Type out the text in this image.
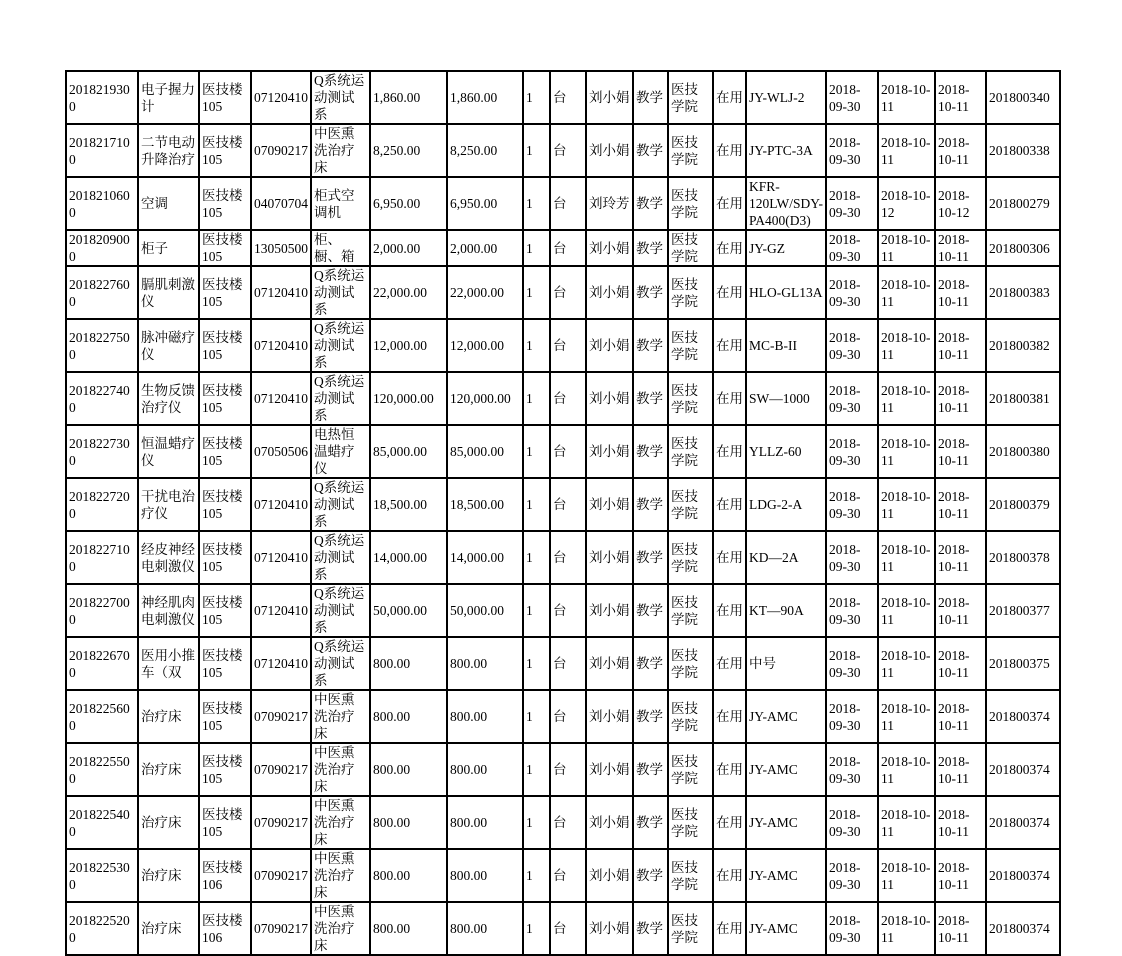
2018219300	电子握力计	医技楼105	07120410	Q系统运动测试系	1,860.00	1,860.00	1	台	刘小娟	教学	医技学院	在用	JY-WLJ-2	2018-09-30	2018-10-11	2018-10-11	201800340
2018217100	二节电动升降治疗	医技楼105	07090217	中医熏洗治疗床	8,250.00	8,250.00	1	台	刘小娟	教学	医技学院	在用	JY-PTC-3A	2018-09-30	2018-10-11	2018-10-11	201800338
2018210600	空调	医技楼105	04070704	柜式空调机	6,950.00	6,950.00	1	台	刘玲芳	教学	医技学院	在用	KFR-120LW/SDY-PA400(D3)	2018-09-30	2018-10-12	2018-10-12	201800279
2018209000	柜子	医技楼105	13050500	柜、橱、箱	2,000.00	2,000.00	1	台	刘小娟	教学	医技学院	在用	JY-GZ	2018-09-30	2018-10-11	2018-10-11	201800306
2018227600	膈肌刺激仪	医技楼105	07120410	Q系统运动测试系	22,000.00	22,000.00	1	台	刘小娟	教学	医技学院	在用	HLO-GL13A	2018-09-30	2018-10-11	2018-10-11	201800383
2018227500	脉冲磁疗仪	医技楼105	07120410	Q系统运动测试系	12,000.00	12,000.00	1	台	刘小娟	教学	医技学院	在用	MC-B-II	2018-09-30	2018-10-11	2018-10-11	201800382
2018227400	生物反馈治疗仪	医技楼105	07120410	Q系统运动测试系	120,000.00	120,000.00	1	台	刘小娟	教学	医技学院	在用	SW—1000	2018-09-30	2018-10-11	2018-10-11	201800381
2018227300	恒温蜡疗仪	医技楼105	07050506	电热恒温蜡疗仪	85,000.00	85,000.00	1	台	刘小娟	教学	医技学院	在用	YLLZ-60	2018-09-30	2018-10-11	2018-10-11	201800380
2018227200	干扰电治疗仪	医技楼105	07120410	Q系统运动测试系	18,500.00	18,500.00	1	台	刘小娟	教学	医技学院	在用	LDG-2-A	2018-09-30	2018-10-11	2018-10-11	201800379
2018227100	经皮神经电刺激仪	医技楼105	07120410	Q系统运动测试系	14,000.00	14,000.00	1	台	刘小娟	教学	医技学院	在用	KD—2A	2018-09-30	2018-10-11	2018-10-11	201800378
2018227000	神经肌肉电刺激仪	医技楼105	07120410	Q系统运动测试系	50,000.00	50,000.00	1	台	刘小娟	教学	医技学院	在用	KT—90A	2018-09-30	2018-10-11	2018-10-11	201800377
2018226700	医用小推车（双	医技楼105	07120410	Q系统运动测试系	800.00	800.00	1	台	刘小娟	教学	医技学院	在用	中号	2018-09-30	2018-10-11	2018-10-11	201800375
2018225600	治疗床	医技楼105	07090217	中医熏洗治疗床	800.00	800.00	1	台	刘小娟	教学	医技学院	在用	JY-AMC	2018-09-30	2018-10-11	2018-10-11	201800374
2018225500	治疗床	医技楼105	07090217	中医熏洗治疗床	800.00	800.00	1	台	刘小娟	教学	医技学院	在用	JY-AMC	2018-09-30	2018-10-11	2018-10-11	201800374
2018225400	治疗床	医技楼105	07090217	中医熏洗治疗床	800.00	800.00	1	台	刘小娟	教学	医技学院	在用	JY-AMC	2018-09-30	2018-10-11	2018-10-11	201800374
2018225300	治疗床	医技楼106	07090217	中医熏洗治疗床	800.00	800.00	1	台	刘小娟	教学	医技学院	在用	JY-AMC	2018-09-30	2018-10-11	2018-10-11	201800374
2018225200	治疗床	医技楼106	07090217	中医熏洗治疗床	800.00	800.00	1	台	刘小娟	教学	医技学院	在用	JY-AMC	2018-09-30	2018-10-11	2018-10-11	201800374
